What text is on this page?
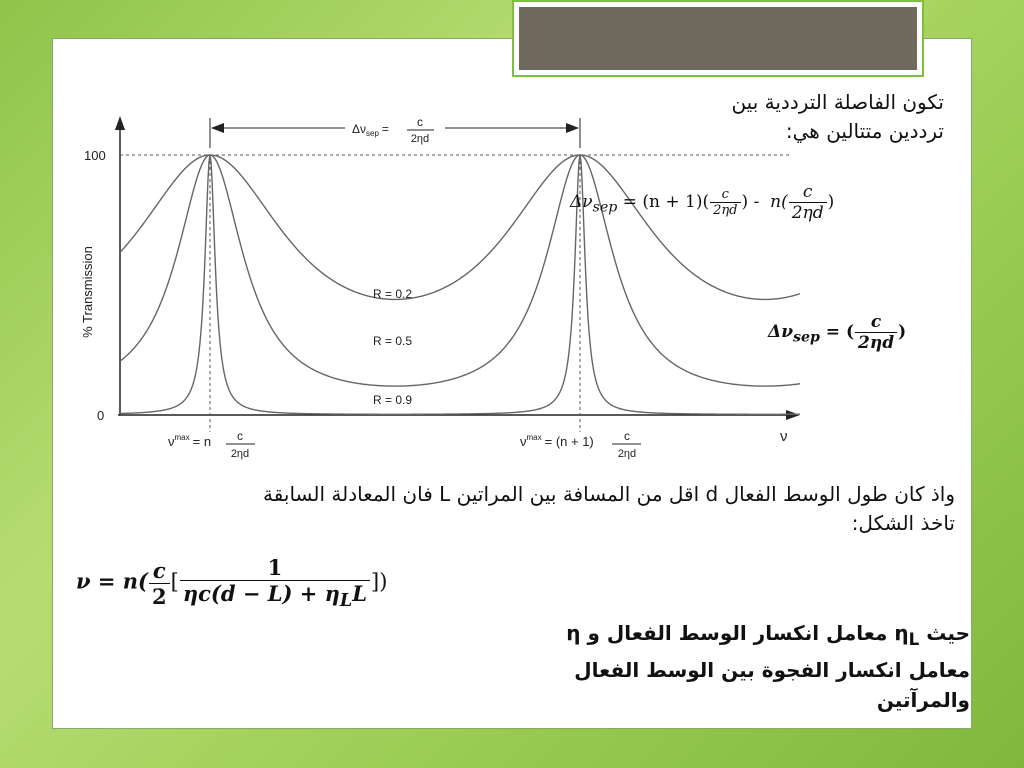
% Transmission
100
0
ν
R = 0.2
R = 0.5
R = 0.9
$\Delta\nu_{sep} = c$
2ηd
$\nu^{max} = n$ c
2ηd
$\nu^{max} = (n + 1)$	c
2ηd
تكون الفاصلة الترددية بين
ترددين متتالين هي:
$\Delta\nu_{sep} = (n + 1)( \frac{c}{2\eta d}$ ) - $n( \frac{c}{2\eta d}$ )
$\Delta\nu_{sep}$ = ( $\frac{c}{2\eta d}$ )
واذ كان طول الوسط الفعال d اقل من المسافة بين المراتين L فان المعادلة السابقة
تاخذ الشكل:
$\nu = n( \frac{c}{2}$ [ $\frac{1}{\eta c(d - L) + \eta_LL}$ ])
حيث $\eta_L$ معامل انكسار الوسط الفعال و η
معامل انكسار الفجوة بين الوسط الفعال
والمرآتين
